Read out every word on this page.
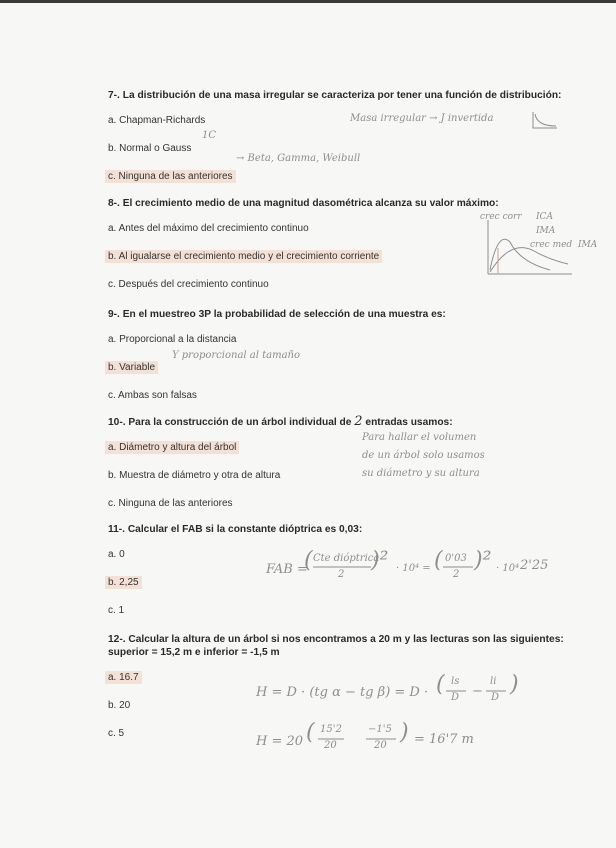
7-. La distribución de una masa irregular se caracteriza por tener una función de distribución:

a. Chapman-Richards
b. Normal o Gauss
c. Ninguna de las anteriores
1C
Masa irregular → J invertida
→ Beta, Gamma, Weibull

8-. El crecimiento medio de una magnitud dasométrica alcanza su valor máximo:

a. Antes del máximo del crecimiento continuo
b. Al igualarse el crecimiento medio y el crecimiento corriente
c. Después del crecimiento continuo
crec corr ICA
IMA
crec med IMA

9-. En el muestreo 3P la probabilidad de selección de una muestra es:

a. Proporcional a la distancia
b. Variable
c. Ambas son falsas
Y proporcional al tamaño

10-. Para la construcción de un árbol individual de 2 entradas usamos:

a. Diámetro y altura del árbol
b. Muestra de diámetro y otra de altura
c. Ninguna de las anteriores
Para hallar el volumen
de un árbol solo usamos
su diámetro y su altura

11-. Calcular el FAB si la constante dióptrica es 0,03:

a. 0
b. 2,25
c. 1
FAB =
( Cte dióptrica
2
)² · 10⁴ = ( 0'03
2
)² · 10⁴ 2'25

12-. Calcular la altura de un árbol si nos encontramos a 20 m y las lecturas son las siguientes:

superior = 15,2 m e inferior = -1,5 m

a. 16.7
b. 20
c. 5
H = D · (tg α − tg β) = D · ( ls
D −
li
D
)
H = 20 ( 15'2
20
−1'5
20
) = 16'7 m
